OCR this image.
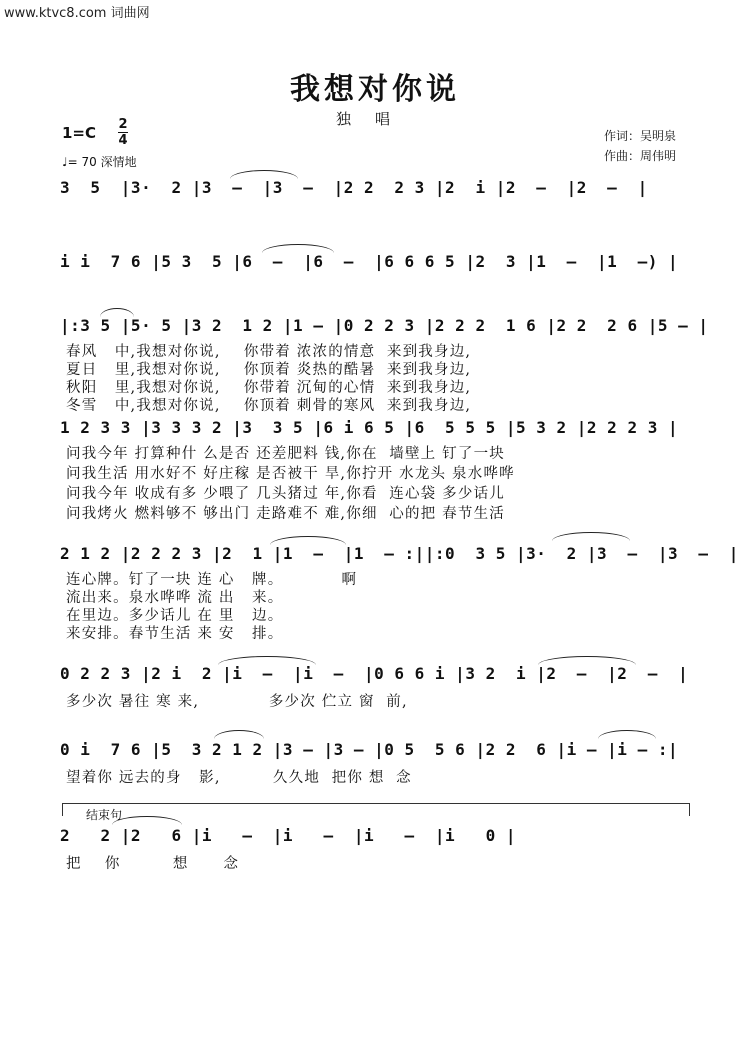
www.ktvc8.com 词曲网
我想对你说
独唱
1=C 2
4
♩= 70 深情地
作词：吴明泉
作曲：周伟明
3  5  |3·  2 |3  –  |3  –  |2 2  2 3 |2  i |2  –  |2  –  |
i i  7 6 |5 3  5 |6  –  |6  –  |6 6 6 5 |2  3 |1  –  |1  –) |
|:3 5 |5· 5 |3 2  1 2 |1 – |0 2 2 3 |2 2 2  1 6 |2 2  2 6 |5 – |
春风   中,我想对你说,    你带着 浓浓的情意  来到我身边,
夏日   里,我想对你说,    你顶着 炎热的酷暑  来到我身边,
秋阳   里,我想对你说,    你带着 沉甸的心情  来到我身边,
冬雪   中,我想对你说,    你顶着 刺骨的寒风  来到我身边,
1 2 3 3 |3 3 3 2 |3  3 5 |6 i 6 5 |6  5 5 5 |5 3 2 |2 2 2 3 |
问我今年 打算种什 么是否 还差肥料 钱,你在  墙壁上 钉了一块
问我生活 用水好不 好庄稼 是否被干 旱,你拧开 水龙头 泉水哗哗
问我今年 收成有多 少喂了 几头猪过 年,你看  连心袋 多少话儿
问我烤火 燃料够不 够出门 走路难不 难,你细  心的把 春节生活
2 1 2 |2 2 2 3 |2  1 |1  –  |1  – :||:0  3 5 |3·  2 |3  –  |3  –  |
连心牌。钉了一块 连 心   牌。          啊
流出来。泉水哗哗 流 出   来。
在里边。多少话儿 在 里   边。
来安排。春节生活 来 安   排。
0 2 2 3 |2 i  2 |i  –  |i  –  |0 6 6 i |3 2  i |2  –  |2  –  |
多少次 暑往 寒 来,            多少次 伫立 窗  前,
0 i  7 6 |5  3 2 1 2 |3 – |3 – |0 5  5 6 |2 2  6 |i – |i – :|
望着你 远去的身   影,         久久地  把你 想  念
结束句
2   2 |2   6 |i   –  |i   –  |i   –  |i   0 |
把    你         想      念
